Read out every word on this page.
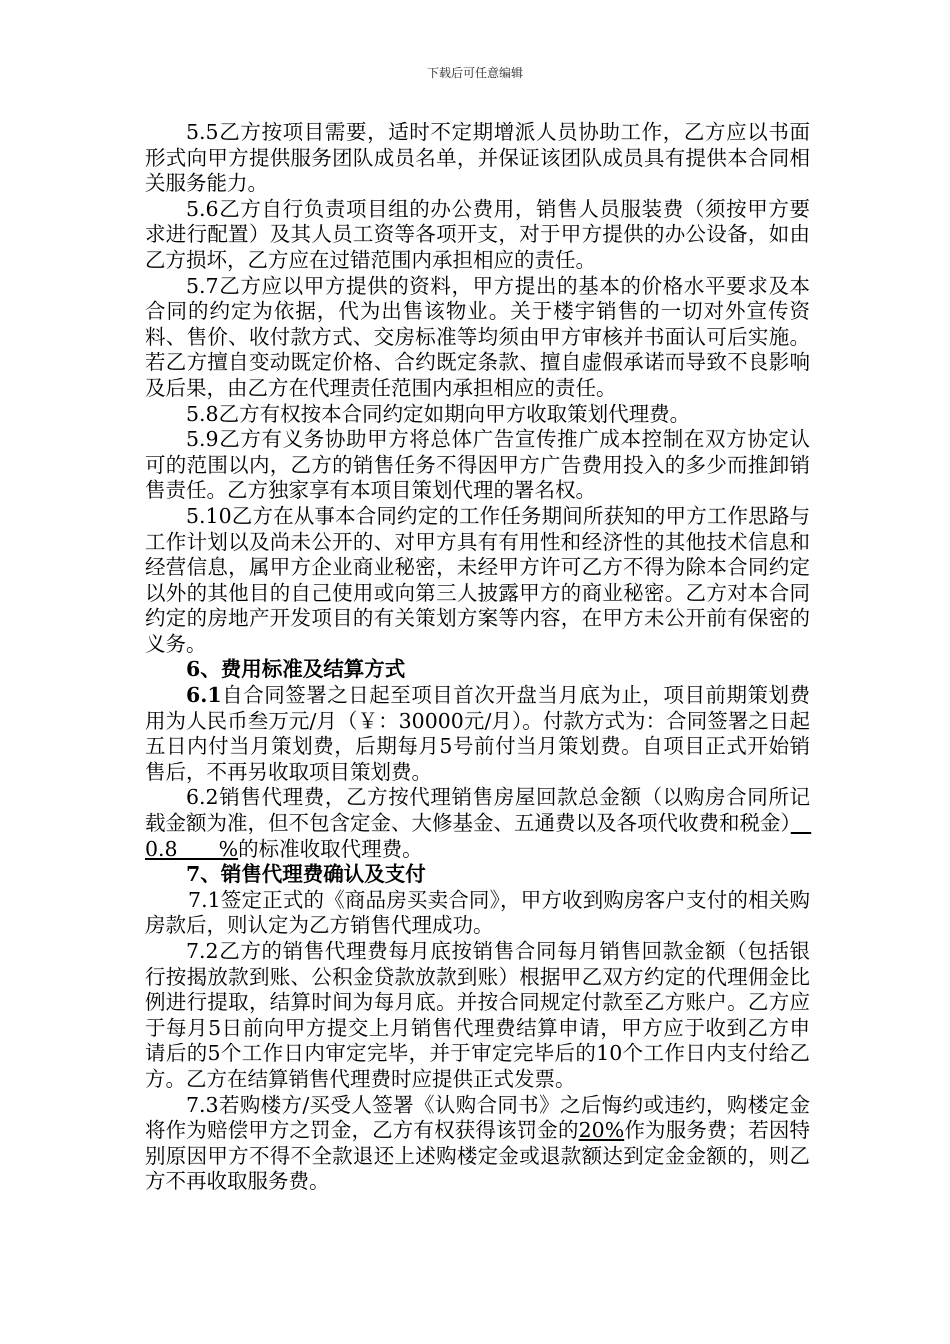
下载后可任意编辑

5.5乙方按项目需要，适时不定期增派人员协助工作，乙方应以书面形式向甲方提供服务团队成员名单，并保证该团队成员具有提供本合同相关服务能力。

5.6乙方自行负责项目组的办公费用，销售人员服装费（须按甲方要求进行配置）及其人员工资等各项开支，对于甲方提供的办公设备，如由乙方损坏，乙方应在过错范围内承担相应的责任。

5.7乙方应以甲方提供的资料，甲方提出的基本的价格水平要求及本合同的约定为依据，代为出售该物业。关于楼宇销售的一切对外宣传资料、售价、收付款方式、交房标准等均须由甲方审核并书面认可后实施。若乙方擅自变动既定价格、合约既定条款、擅自虚假承诺而导致不良影响及后果，由乙方在代理责任范围内承担相应的责任。

5.8乙方有权按本合同约定如期向甲方收取策划代理费。

5.9乙方有义务协助甲方将总体广告宣传推广成本控制在双方协定认可的范围以内，乙方的销售任务不得因甲方广告费用投入的多少而推卸销售责任。乙方独家享有本项目策划代理的署名权。

5.10乙方在从事本合同约定的工作任务期间所获知的甲方工作思路与工作计划以及尚未公开的、对甲方具有有用性和经济性的其他技术信息和经营信息，属甲方企业商业秘密，未经甲方许可乙方不得为除本合同约定以外的其他目的自己使用或向第三人披露甲方的商业秘密。乙方对本合同约定的房地产开发项目的有关策划方案等内容，在甲方未公开前有保密的义务。

6、费用标准及结算方式

6.1自合同签署之日起至项目首次开盘当月底为止，项目前期策划费用为人民币叁万元/月（￥：30000元/月）。付款方式为：合同签署之日起五日内付当月策划费，后期每月5号前付当月策划费。自项目正式开始销售后，不再另收取项目策划费。

6.2销售代理费，乙方按代理销售房屋回款总金额（以购房合同所记载金额为准，但不包含定金、大修基金、五通费以及各项代收费和税金）　0.8　　%的标准收取代理费。

7、销售代理费确认及支付

7.1签定正式的《商品房买卖合同》，甲方收到购房客户支付的相关购房款后，则认定为乙方销售代理成功。

7.2乙方的销售代理费每月底按销售合同每月销售回款金额（包括银行按揭放款到账、公积金贷款放款到账）根据甲乙双方约定的代理佣金比例进行提取，结算时间为每月底。并按合同规定付款至乙方账户。乙方应于每月5日前向甲方提交上月销售代理费结算申请，甲方应于收到乙方申请后的5个工作日内审定完毕，并于审定完毕后的10个工作日内支付给乙方。乙方在结算销售代理费时应提供正式发票。

7.3若购楼方/买受人签署《认购合同书》之后悔约或违约，购楼定金将作为赔偿甲方之罚金，乙方有权获得该罚金的20%作为服务费；若因特别原因甲方不得不全款退还上述购楼定金或退款额达到定金金额的，则乙方不再收取服务费。
